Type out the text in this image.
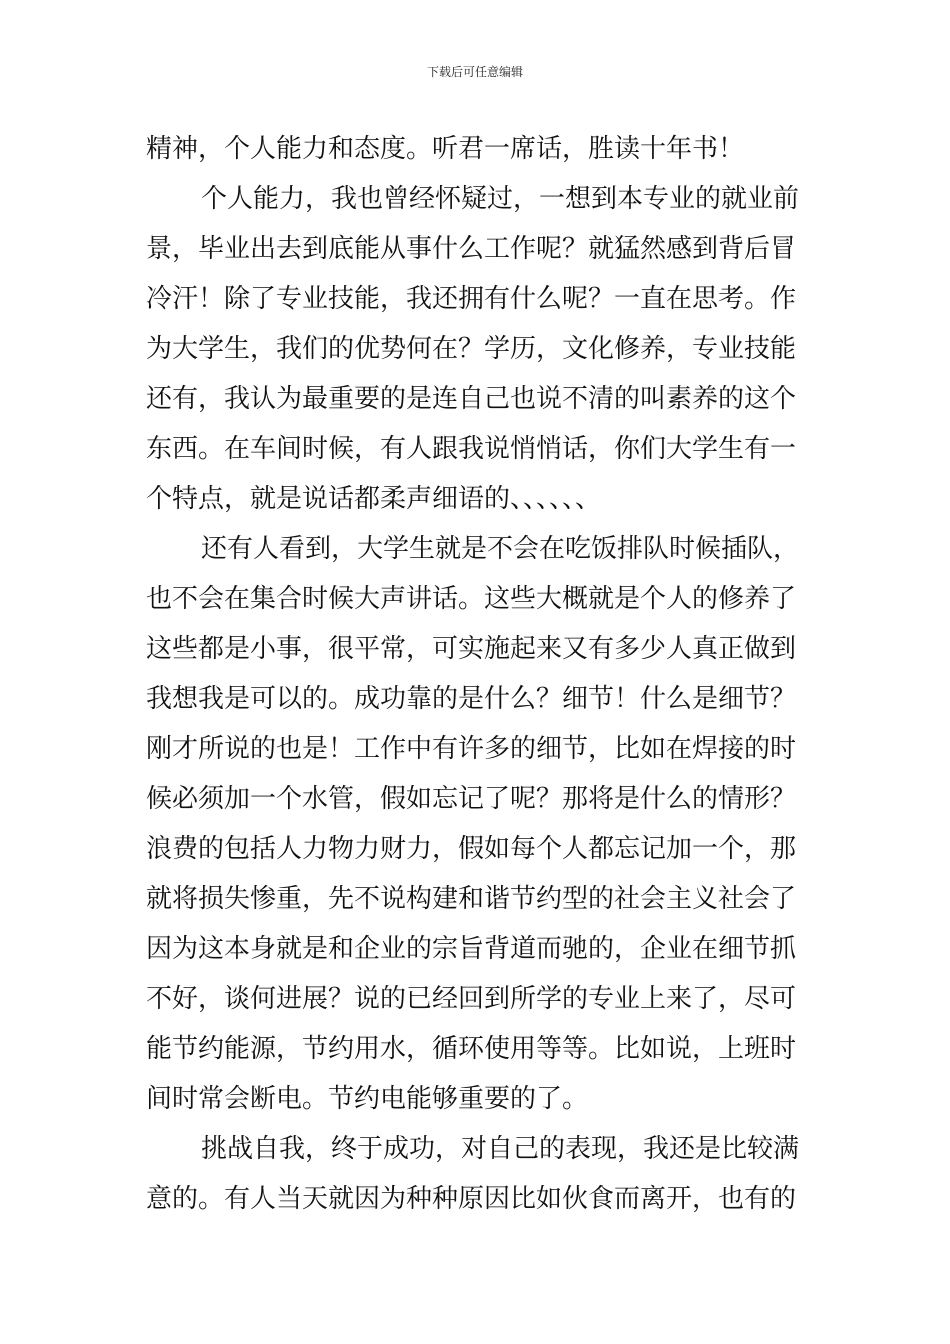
下载后可任意编辑
精神，个人能力和态度。听君一席话，胜读十年书！
个人能力，我也曾经怀疑过，一想到本专业的就业前
景，毕业出去到底能从事什么工作呢？就猛然感到背后冒
冷汗！除了专业技能，我还拥有什么呢？一直在思考。作
为大学生，我们的优势何在？学历，文化修养，专业技能
还有，我认为最重要的是连自己也说不清的叫素养的这个
东西。在车间时候，有人跟我说悄悄话，你们大学生有一
个特点，就是说话都柔声细语的、、、、、、
还有人看到，大学生就是不会在吃饭排队时候插队，
也不会在集合时候大声讲话。这些大概就是个人的修养了
这些都是小事，很平常，可实施起来又有多少人真正做到
我想我是可以的。成功靠的是什么？细节！什么是细节？
刚才所说的也是！工作中有许多的细节，比如在焊接的时
候必须加一个水管，假如忘记了呢？那将是什么的情形？
浪费的包括人力物力财力，假如每个人都忘记加一个，那
就将损失惨重，先不说构建和谐节约型的社会主义社会了
因为这本身就是和企业的宗旨背道而驰的，企业在细节抓
不好，谈何进展？说的已经回到所学的专业上来了，尽可
能节约能源，节约用水，循环使用等等。比如说，上班时
间时常会断电。节约电能够重要的了。
挑战自我，终于成功，对自己的表现，我还是比较满
意的。有人当天就因为种种原因比如伙食而离开，也有的
